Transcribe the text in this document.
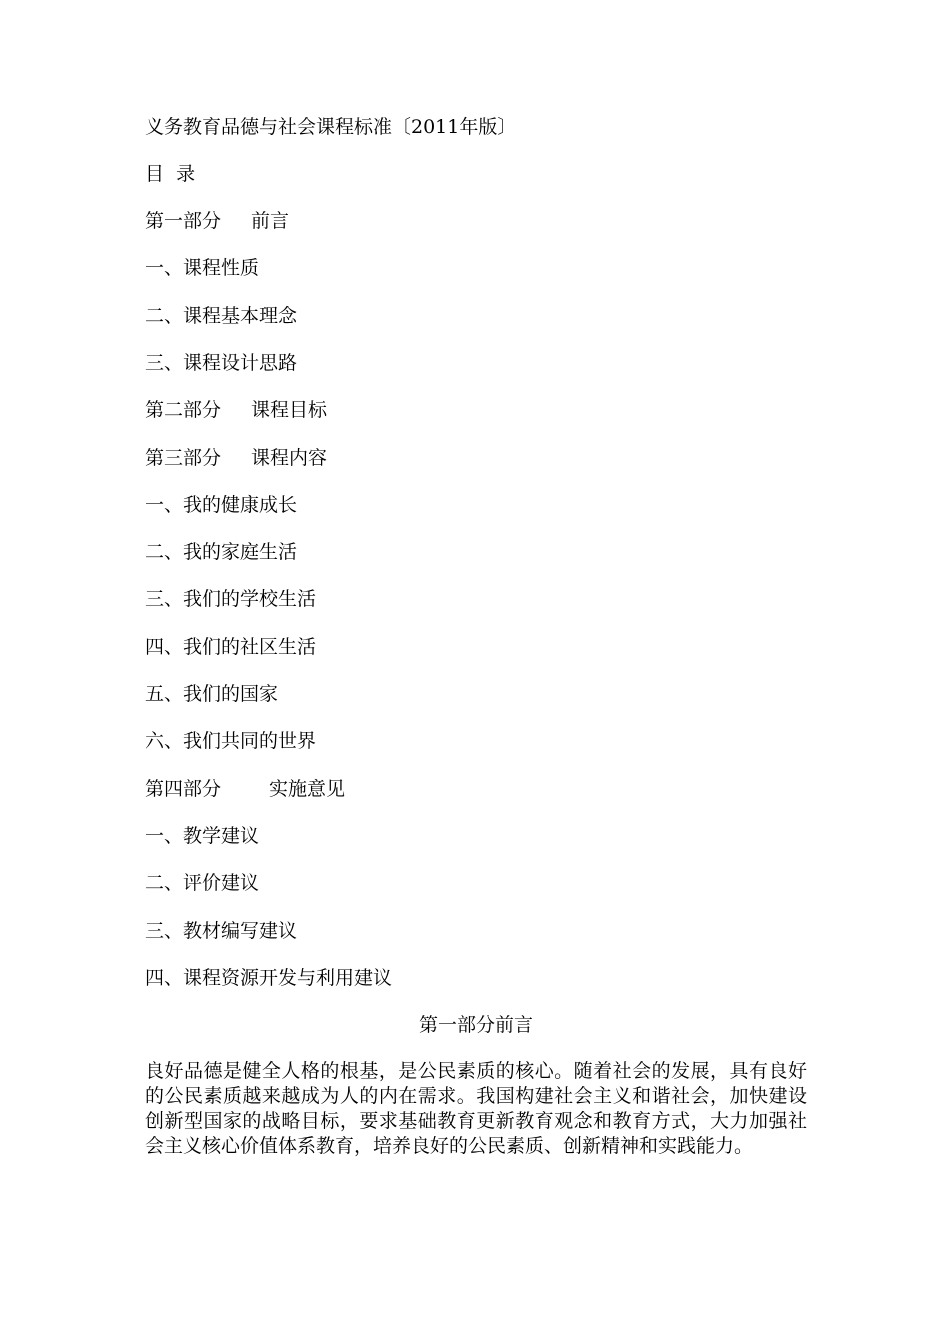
义务教育品德与社会课程标准〔2011年版〕
目  录
第一部分 前言
一、课程性质
二、课程基本理念
三、课程设计思路
第二部分 课程目标
第三部分 课程内容
一、我的健康成长
二、我的家庭生活
三、我们的学校生活
四、我们的社区生活
五、我们的国家
六、我们共同的世界
第四部分	实施意见
一、教学建议
二、评价建议
三、教材编写建议
四、课程资源开发与利用建议
第一部分前言
良好品德是健全人格的根基，是公民素质的核心。随着社会的发展，具有良好的公民素质越来越成为人的内在需求。我国构建社会主义和谐社会，加快建设创新型国家的战略目标，要求基础教育更新教育观念和教育方式，大力加强社会主义核心价值体系教育，培养良好的公民素质、创新精神和实践能力。
